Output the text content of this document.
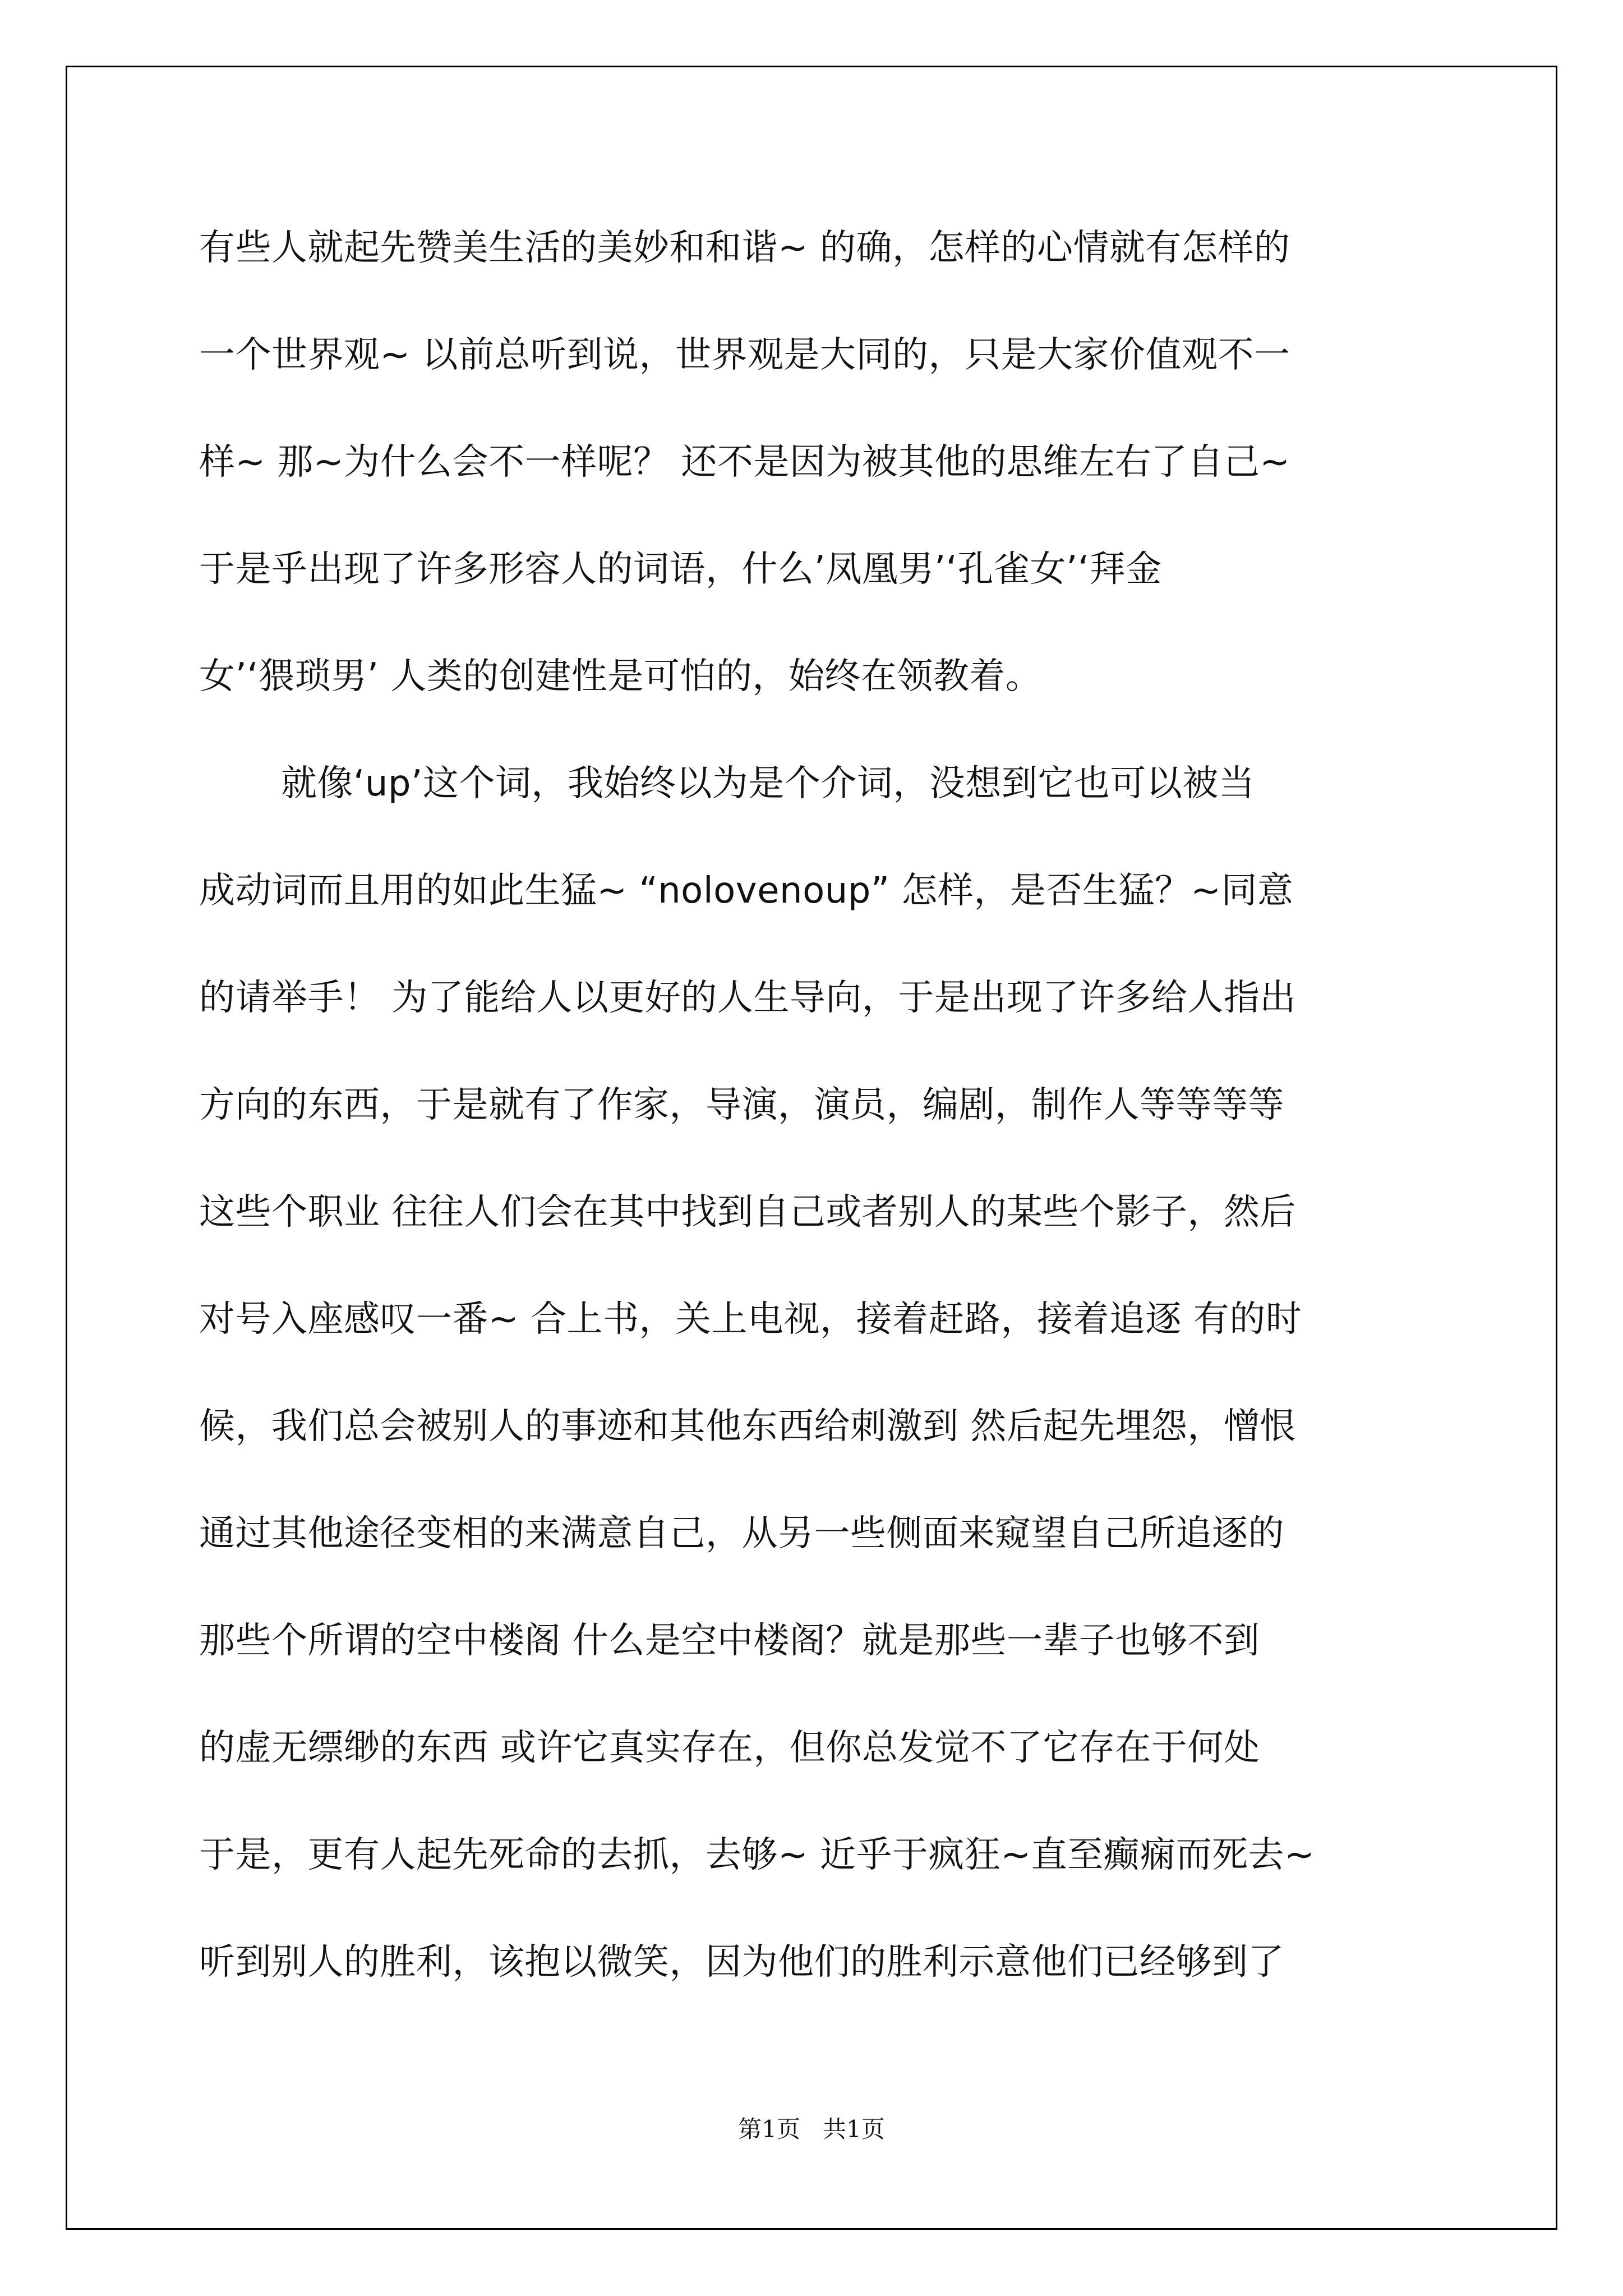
有些人就起先赞美生活的美妙和和谐~ 的确，怎样的心情就有怎样的
一个世界观~ 以前总听到说，世界观是大同的，只是大家价值观不一
样~ 那~为什么会不一样呢？ 还不是因为被其他的思维左右了自己~
于是乎出现了许多形容人的词语，什么’凤凰男’‘孔雀女’‘拜金
女’‘猥琐男’ 人类的创建性是可怕的，始终在领教着。
就像‘up’这个词，我始终以为是个介词，没想到它也可以被当
成动词而且用的如此生猛~ “nolovenoup” 怎样，是否生猛？~同意
的请举手！ 为了能给人以更好的人生导向，于是出现了许多给人指出
方向的东西，于是就有了作家，导演，演员，编剧，制作人等等等等
这些个职业 往往人们会在其中找到自己或者别人的某些个影子，然后
对号入座感叹一番~ 合上书，关上电视，接着赶路，接着追逐 有的时
候，我们总会被别人的事迹和其他东西给刺激到 然后起先埋怨，憎恨
通过其他途径变相的来满意自己，从另一些侧面来窥望自己所追逐的
那些个所谓的空中楼阁 什么是空中楼阁？就是那些一辈子也够不到
的虚无缥缈的东西 或许它真实存在，但你总发觉不了它存在于何处
于是，更有人起先死命的去抓，去够~ 近乎于疯狂~直至癫痫而死去~
听到别人的胜利，该抱以微笑，因为他们的胜利示意他们已经够到了
第1页 共1页
